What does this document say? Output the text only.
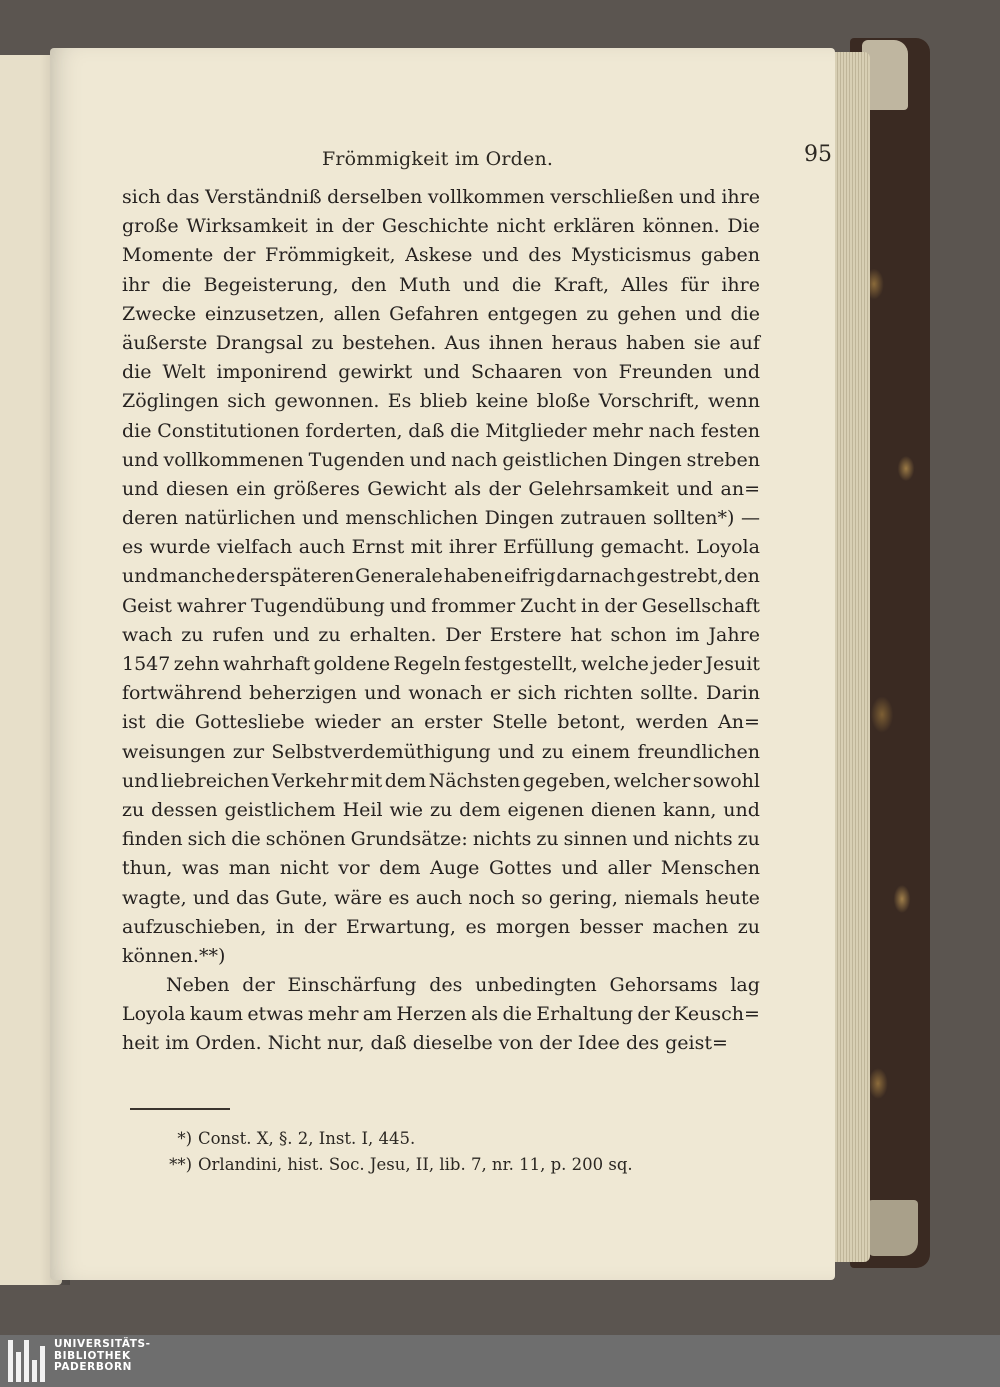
Frömmigkeit im Orden.	95
sich das Verständniß derselben vollkommen verschließen und ihre
große Wirksamkeit in der Geschichte nicht erklären können. Die
Momente der Frömmigkeit, Askese und des Mysticismus gaben
ihr die Begeisterung, den Muth und die Kraft, Alles für ihre
Zwecke einzusetzen, allen Gefahren entgegen zu gehen und die
äußerste Drangsal zu bestehen. Aus ihnen heraus haben sie auf
die Welt imponirend gewirkt und Schaaren von Freunden und
Zöglingen sich gewonnen. Es blieb keine bloße Vorschrift, wenn
die Constitutionen forderten, daß die Mitglieder mehr nach festen
und vollkommenen Tugenden und nach geistlichen Dingen streben
und diesen ein größeres Gewicht als der Gelehrsamkeit und an=
deren natürlichen und menschlichen Dingen zutrauen sollten*) —
es wurde vielfach auch Ernst mit ihrer Erfüllung gemacht. Loyola
und manche der späteren Generale haben eifrig darnach gestrebt, den
Geist wahrer Tugendübung und frommer Zucht in der Gesellschaft
wach zu rufen und zu erhalten. Der Erstere hat schon im Jahre
1547 zehn wahrhaft goldene Regeln festgestellt, welche jeder Jesuit
fortwährend beherzigen und wonach er sich richten sollte. Darin
ist die Gottesliebe wieder an erster Stelle betont, werden An=
weisungen zur Selbstverdemüthigung und zu einem freundlichen
und liebreichen Verkehr mit dem Nächsten gegeben, welcher sowohl
zu dessen geistlichem Heil wie zu dem eigenen dienen kann, und
finden sich die schönen Grundsätze: nichts zu sinnen und nichts zu
thun, was man nicht vor dem Auge Gottes und aller Menschen
wagte, und das Gute, wäre es auch noch so gering, niemals heute
aufzuschieben, in der Erwartung, es morgen besser machen zu
können.**)
Neben der Einschärfung des unbedingten Gehorsams lag
Loyola kaum etwas mehr am Herzen als die Erhaltung der Keusch=
heit im Orden. Nicht nur, daß dieselbe von der Idee des geist=
*) Const. X, §. 2, Inst. I, 445.
**) Orlandini, hist. Soc. Jesu, II, lib. 7, nr. 11, p. 200 sq.
UNIVERSITÄTS-
BIBLIOTHEK
PADERBORN
